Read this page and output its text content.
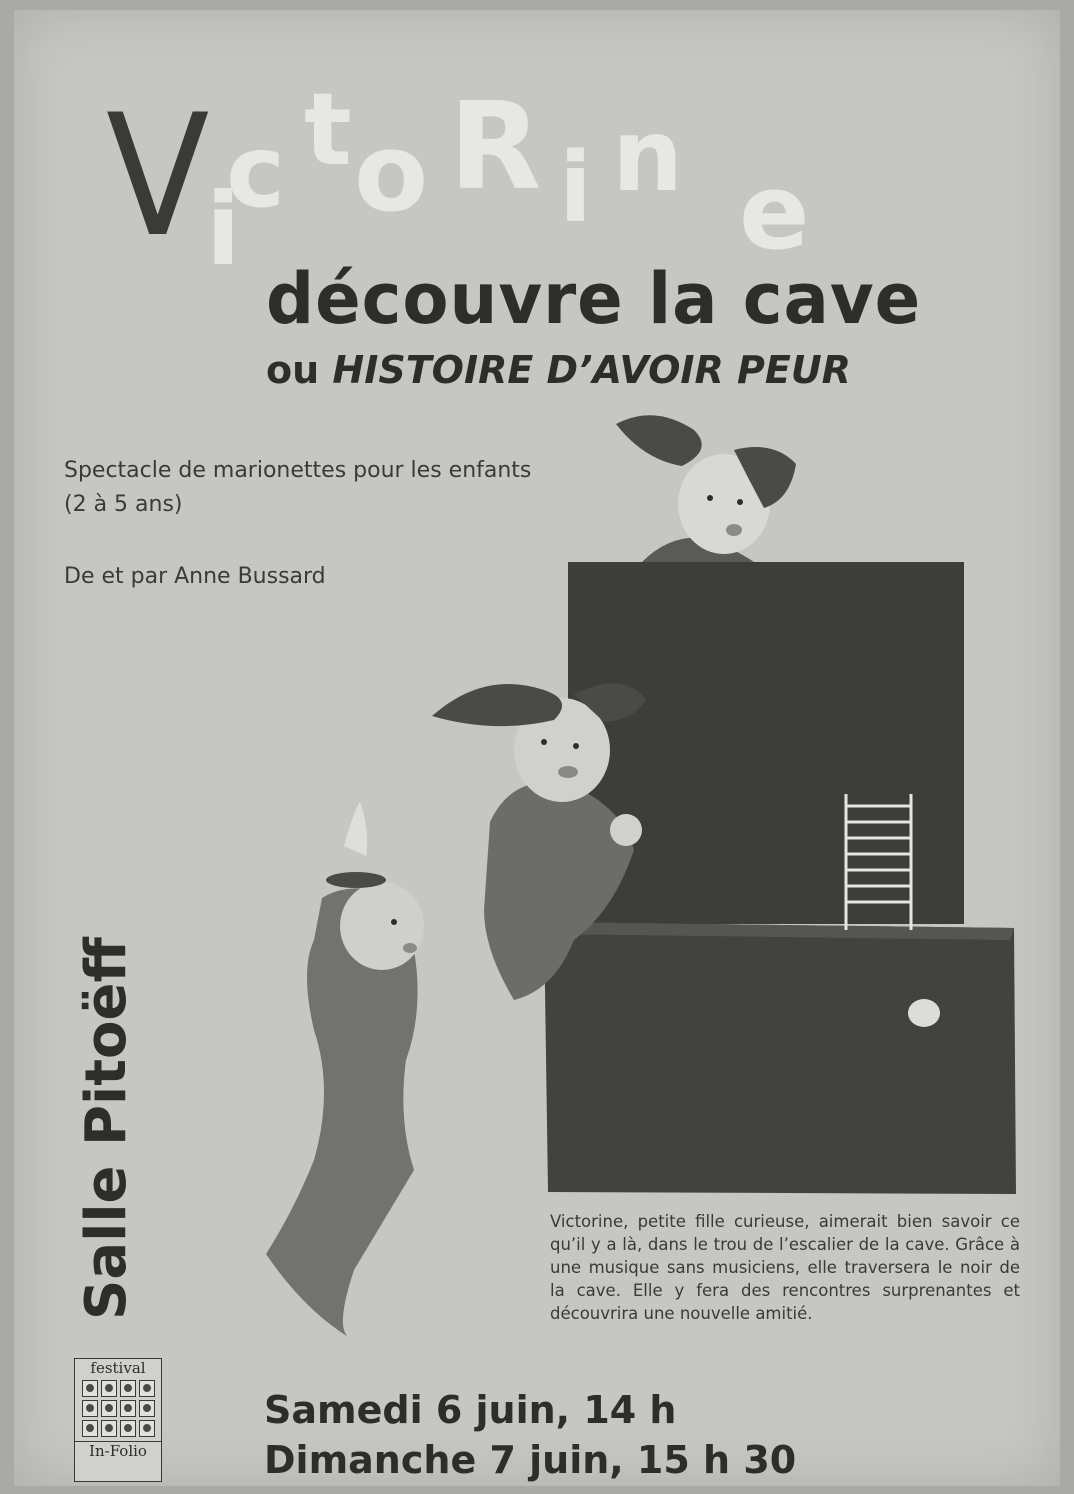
V i
c t o R i n e
découvre la cave
ou HISTOIRE D’AVOIR PEUR
Spectacle de marionettes pour les enfants
(2 à 5 ans)
De et par Anne Bussard
Salle Pitoëff	Victorine, petite fille curieuse, aimerait bien savoir ce qu’il y a là, dans le trou de l’escalier de la cave. Grâce à une musique sans musiciens, elle traversera le noir de la cave. Elle y fera des rencontres surprenantes et découvrira une nouvelle amitié.
Samedi 6 juin, 14 h
Dimanche 7 juin, 15 h 30
festival
In-Folio
